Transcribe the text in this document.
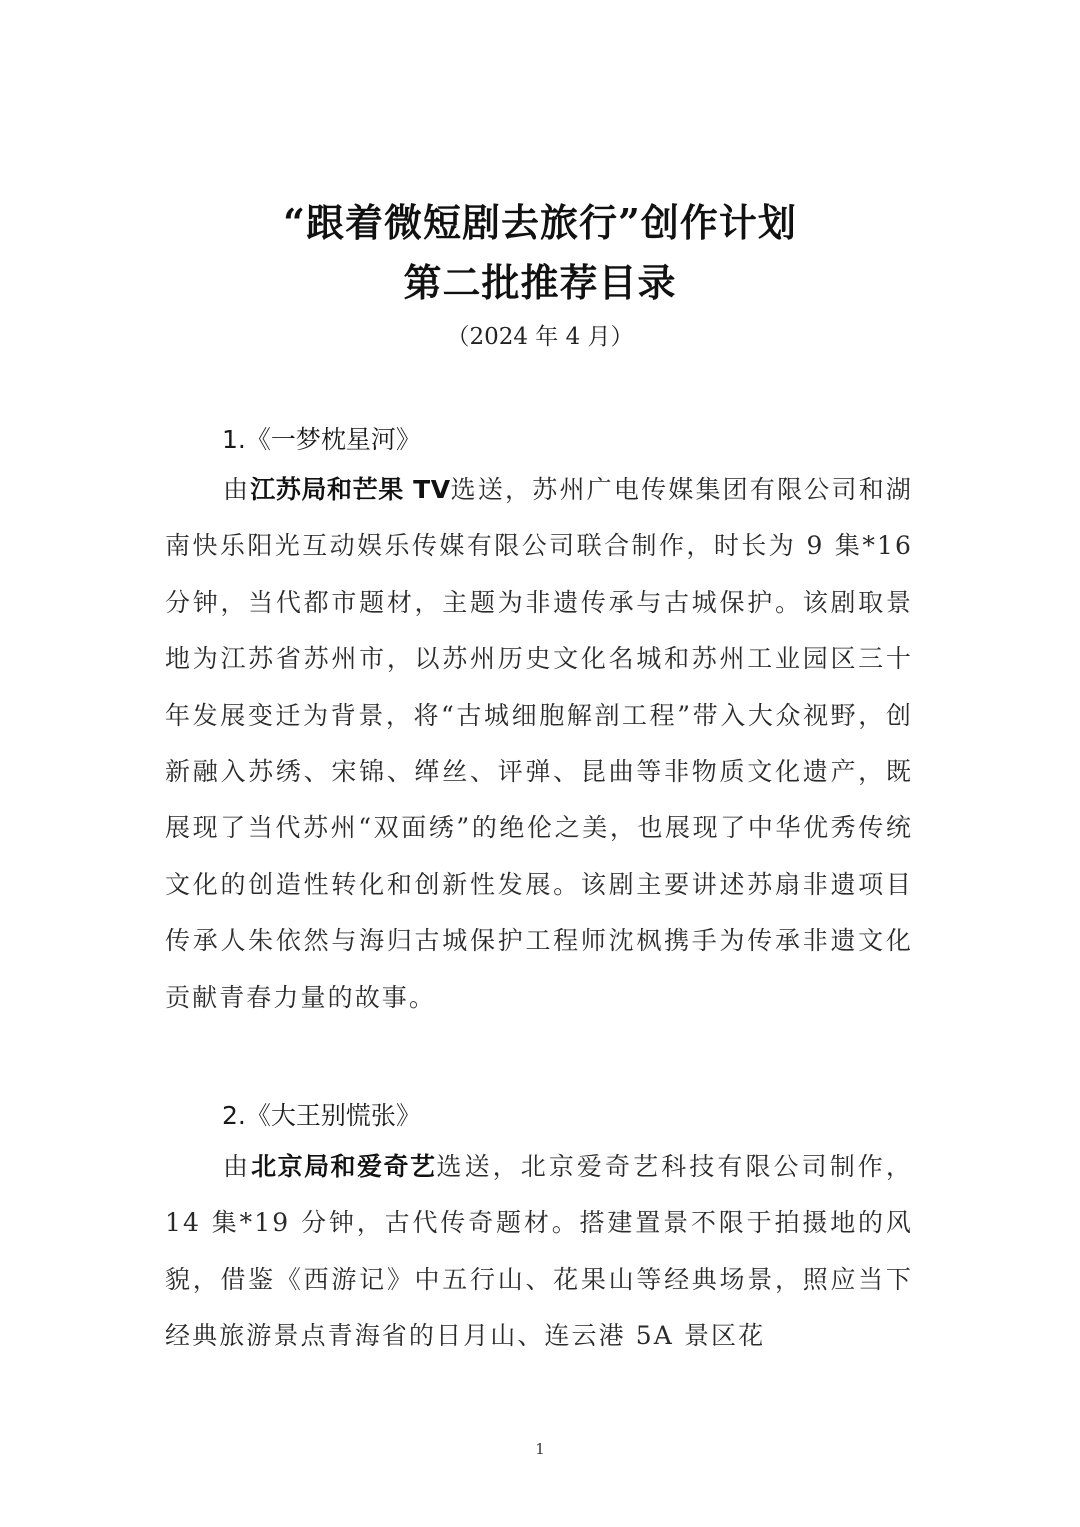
“跟着微短剧去旅行”创作计划
第二批推荐目录
（2024 年 4 月）
1.《一梦枕星河》

由江苏局和芒果 TV选送，苏州广电传媒集团有限公司和湖南快乐阳光互动娱乐传媒有限公司联合制作，时长为 9 集*16 分钟，当代都市题材，主题为非遗传承与古城保护。该剧取景地为江苏省苏州市，以苏州历史文化名城和苏州工业园区三十年发展变迁为背景，将“古城细胞解剖工程”带入大众视野，创新融入苏绣、宋锦、缂丝、评弹、昆曲等非物质文化遗产，既展现了当代苏州“双面绣”的绝伦之美，也展现了中华优秀传统文化的创造性转化和创新性发展。该剧主要讲述苏扇非遗项目传承人朱依然与海归古城保护工程师沈枫携手为传承非遗文化贡献青春力量的故事。

2.《大王别慌张》

由北京局和爱奇艺选送，北京爱奇艺科技有限公司制作，14 集*19 分钟，古代传奇题材。搭建置景不限于拍摄地的风貌，借鉴《西游记》中五行山、花果山等经典场景，照应当下经典旅游景点青海省的日月山、连云港 5A 景区花

1
